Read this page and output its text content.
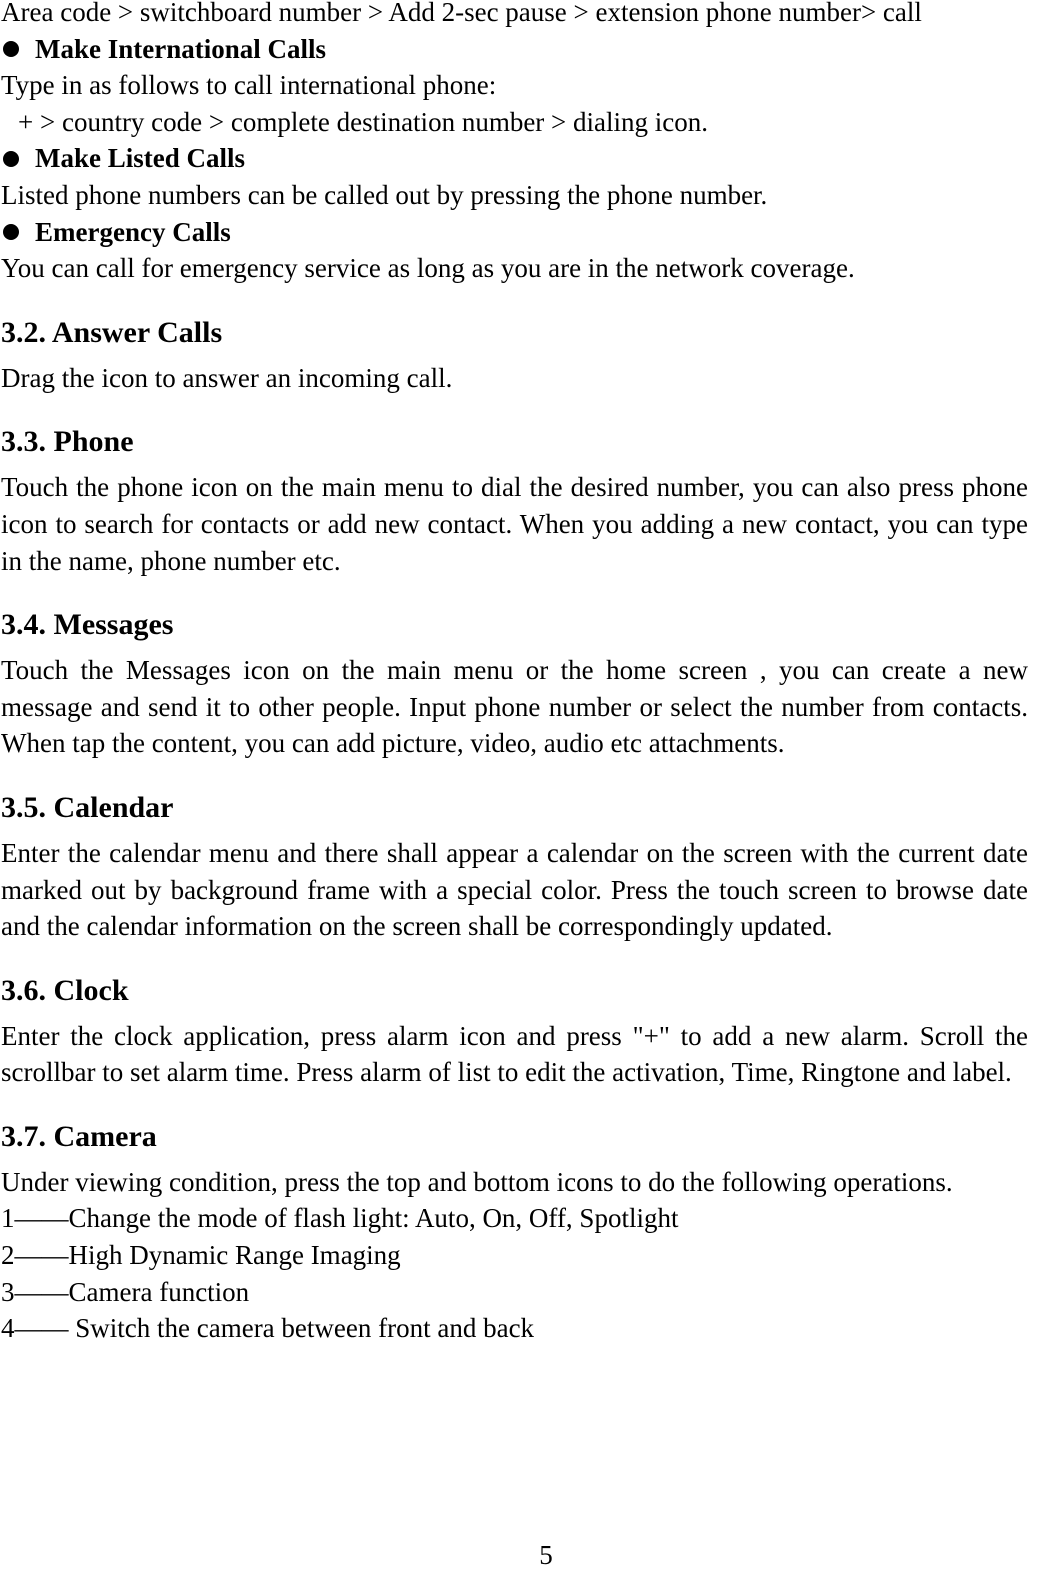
Area code > switchboard number > Add 2-sec pause > extension phone number> call

Make International Calls

Type in as follows to call international phone:

+ > country code > complete destination number > dialing icon.

Make Listed Calls

Listed phone numbers can be called out by pressing the phone number.

Emergency Calls

You can call for emergency service as long as you are in the network coverage.

3.2. Answer Calls

Drag the icon to answer an incoming call.

3.3. Phone

Touch the phone icon on the main menu to dial the desired number, you can also press phone icon to search for contacts or add new contact. When you adding a new contact, you can type in the name, phone number etc.

3.4. Messages

Touch the Messages icon on the main menu or the home screen , you can create a new message and send it to other people. Input phone number or select the number from contacts. When tap the content, you can add picture, video, audio etc attachments.

3.5. Calendar

Enter the calendar menu and there shall appear a calendar on the screen with the current date marked out by background frame with a special color. Press the touch screen to browse date and the calendar information on the screen shall be correspondingly updated.

3.6. Clock

Enter the clock application, press alarm icon and press "+" to add a new alarm. Scroll the scrollbar to set alarm time. Press alarm of list to edit the activation, Time, Ringtone and label.

3.7. Camera

Under viewing condition, press the top and bottom icons to do the following operations.

1——Change the mode of flash light: Auto, On, Off, Spotlight

2——High Dynamic Range Imaging

3——Camera function

4—— Switch the camera between front and back

5
